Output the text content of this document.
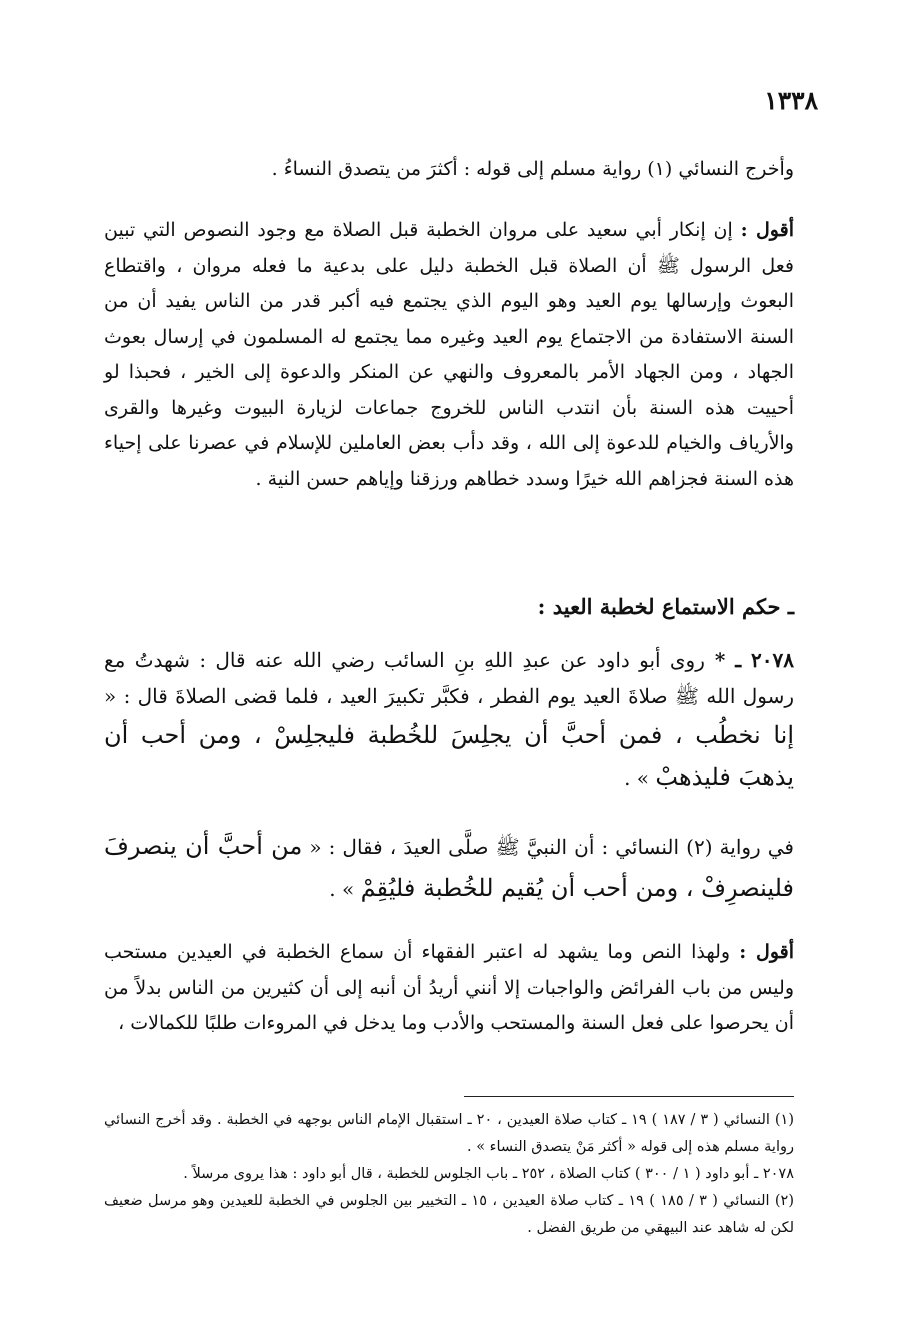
١٣٣٨
وأخرج النسائي (١) رواية مسلم إلى قوله : أكثرَ من يتصدق النساءُ .
أقول : إن إنكار أبي سعيد على مروان الخطبة قبل الصلاة مع وجود النصوص التي تبين فعل الرسول ﷺ أن الصلاة قبل الخطبة دليل على بدعية ما فعله مروان ، واقتطاع البعوث وإرسالها يوم العيد وهو اليوم الذي يجتمع فيه أكبر قدر من الناس يفيد أن من السنة الاستفادة من الاجتماع يوم العيد وغيره مما يجتمع له المسلمون في إرسال بعوث الجهاد ، ومن الجهاد الأمر بالمعروف والنهي عن المنكر والدعوة إلى الخير ، فحبذا لو أحييت هذه السنة بأن انتدب الناس للخروج جماعات لزيارة البيوت وغيرها والقرى والأرياف والخيام للدعوة إلى الله ، وقد دأب بعض العاملين للإسلام في عصرنا على إحياء هذه السنة فجزاهم الله خيرًا وسدد خطاهم ورزقنا وإياهم حسن النية .
ـ حكم الاستماع لخطبة العيد :
٢٠٧٨ ـ * روى أبو داود عن عبدِ اللهِ بنِ السائب رضي الله عنه قال : شهدتُ مع رسول الله ﷺ صلاةَ العيد يوم الفطر ، فكبَّر تكبيرَ العيد ، فلما قضى الصلاةَ قال : « إنا نخطُب ، فمن أحبَّ أن يجلِسَ للخُطبة فليجلِسْ ، ومن أحب أن يذهبَ فليذهبْ » .
في رواية (٢) النسائي : أن النبيَّ ﷺ صلَّى العيدَ ، فقال : « من أحبَّ أن ينصرفَ فلينصرِفْ ، ومن أحب أن يُقيم للخُطبة فليُقِمْ » .
أقول : ولهذا النص وما يشهد له اعتبر الفقهاء أن سماع الخطبة في العيدين مستحب وليس من باب الفرائض والواجبات إلا أنني أريدُ أن أنبه إلى أن كثيرين من الناس بدلاً من أن يحرصوا على فعل السنة والمستحب والأدب وما يدخل في المروءات طلبًا للكمالات ،

(١) النسائي ( ٣ / ١٨٧ ) ١٩ ـ كتاب صلاة العيدين ، ٢٠ ـ استقبال الإمام الناس بوجهه في الخطبة . وقد أخرج النسائي رواية مسلم هذه إلى قوله « أكثر مَنْ يتصدق النساء » .

٢٠٧٨ ـ أبو داود ( ١ / ٣٠٠ ) كتاب الصلاة ، ٢٥٢ ـ باب الجلوس للخطبة ، قال أبو داود : هذا يروى مرسلاً .

(٢) النسائي ( ٣ / ١٨٥ ) ١٩ ـ كتاب صلاة العيدين ، ١٥ ـ التخيير بين الجلوس في الخطبة للعيدين وهو مرسل ضعيف لكن له شاهد عند البيهقي من طريق الفضل .
